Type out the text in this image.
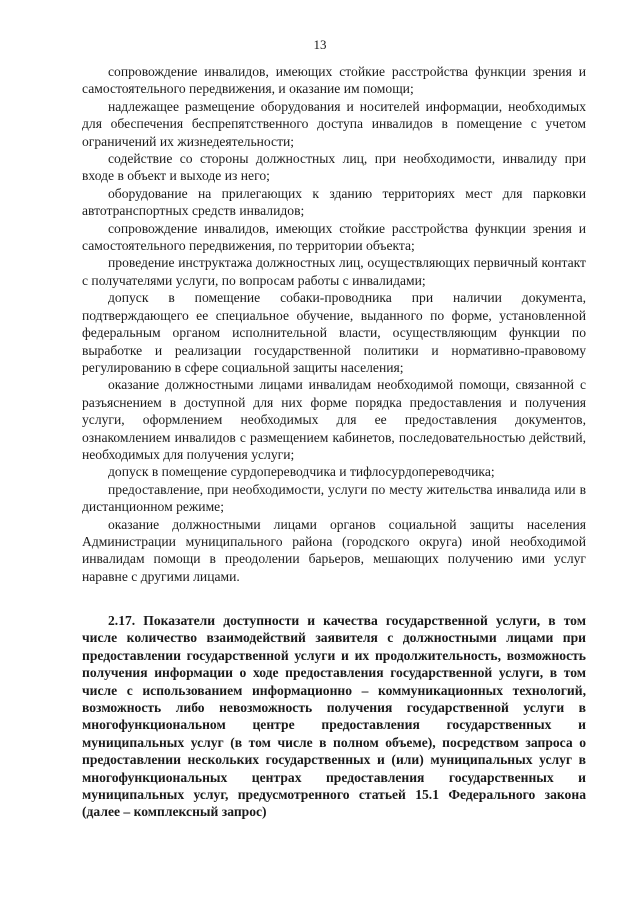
13

сопровождение инвалидов, имеющих стойкие расстройства функции зрения и самостоятельного передвижения, и оказание им помощи;

надлежащее размещение оборудования и носителей информации, необходимых для обеспечения беспрепятственного доступа инвалидов в помещение с учетом ограничений их жизнедеятельности;

содействие со стороны должностных лиц, при необходимости, инвалиду при входе в объект и выходе из него;

оборудование на прилегающих к зданию территориях мест для парковки автотранспортных средств инвалидов;

сопровождение инвалидов, имеющих стойкие расстройства функции зрения и самостоятельного передвижения, по территории объекта;

проведение инструктажа должностных лиц, осуществляющих первичный контакт с получателями услуги, по вопросам работы с инвалидами;

допуск в помещение собаки-проводника при наличии документа, подтверждающего ее специальное обучение, выданного по форме, установленной федеральным органом исполнительной власти, осуществляющим функции по выработке и реализации государственной политики и нормативно-правовому регулированию в сфере социальной защиты населения;

оказание должностными лицами инвалидам необходимой помощи, связанной с разъяснением в доступной для них форме порядка предоставления и получения услуги, оформлением необходимых для ее предоставления документов, ознакомлением инвалидов с размещением кабинетов, последовательностью действий, необходимых для получения услуги;

допуск в помещение сурдопереводчика и тифлосурдопереводчика;

предоставление, при необходимости, услуги по месту жительства инвалида или в дистанционном режиме;

оказание должностными лицами органов социальной защиты населения Администрации муниципального района (городского округа) иной необходимой инвалидам помощи в преодолении барьеров, мешающих получению ими услуг наравне с другими лицами.

2.17. Показатели доступности и качества государственной услуги, в том числе количество взаимодействий заявителя с должностными лицами при предоставлении государственной услуги и их продолжительность, возможность получения информации о ходе предоставления государственной услуги, в том числе с использованием информационно – коммуникационных технологий, возможность либо невозможность получения государственной услуги в многофункциональном центре предоставления государственных и муниципальных услуг (в том числе в полном объеме), посредством запроса о предоставлении нескольких государственных и (или) муниципальных услуг в многофункциональных центрах предоставления государственных и муниципальных услуг, предусмотренного статьей 15.1 Федерального закона (далее – комплексный запрос)
